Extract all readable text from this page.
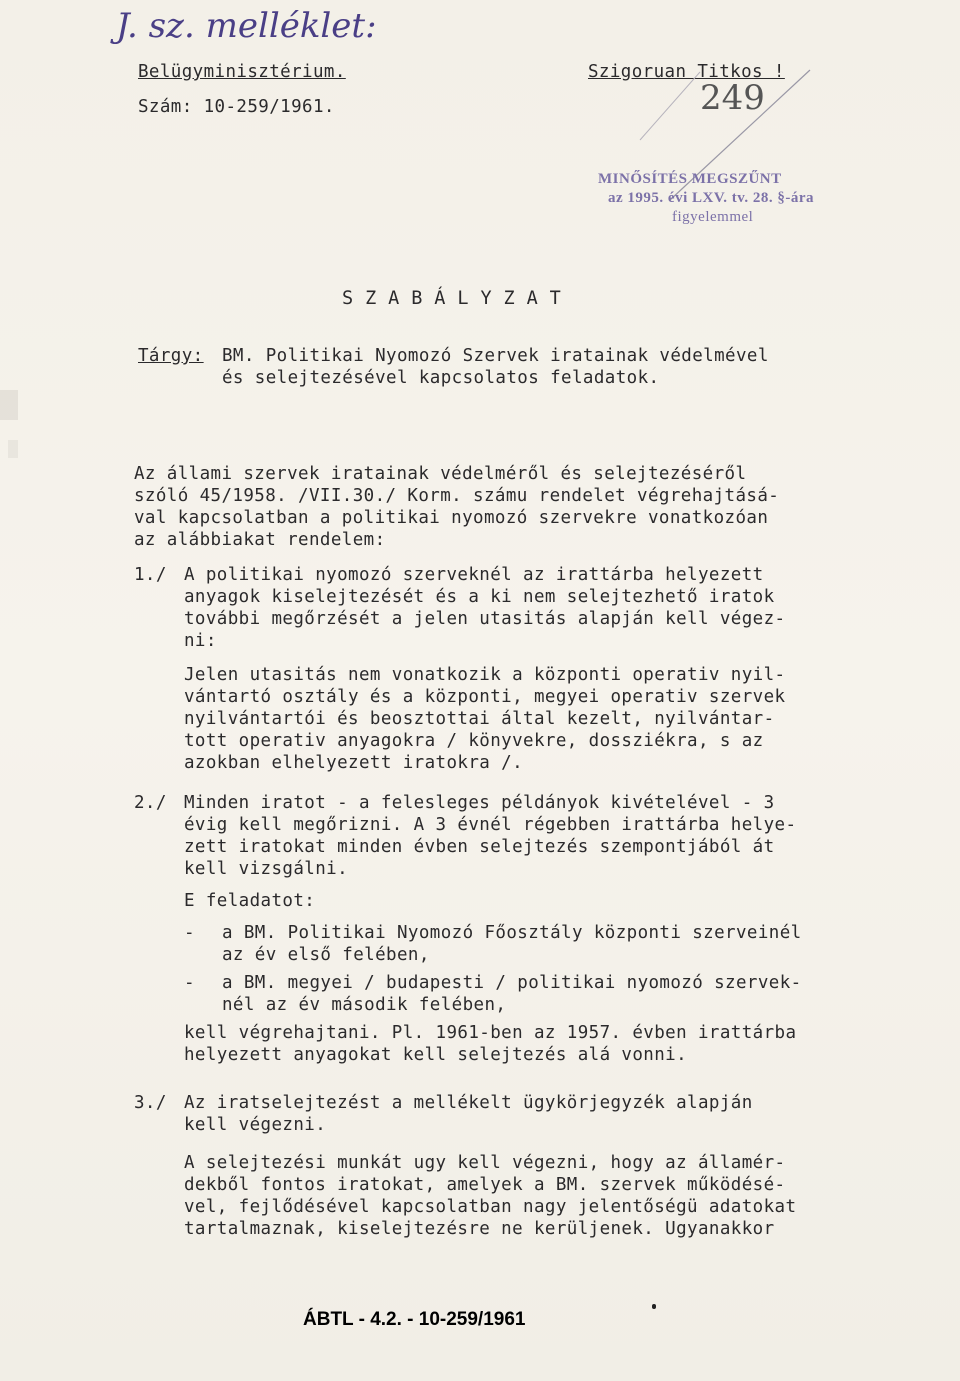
J. sz. melléklet:
Belügyminisztérium.
Szám: 10-259/1961.
Szigoruan Titkos !
249
MINŐSÍTÉS MEGSZŰNT
az 1995. évi LXV. tv. 28. §-ára
figyelemmel
S Z A B Á L Y Z A T
Tárgy: BM. Politikai Nyomozó Szervek iratainak védelmével
és selejtezésével kapcsolatos feladatok.
Az állami szervek iratainak védelméről és selejtezéséről
szóló 45/1958. /VII.30./ Korm. számu rendelet végrehajtásá-
val kapcsolatban a politikai nyomozó szervekre vonatkozóan
az alábbiakat rendelem:
1./ A politikai nyomozó szerveknél az irattárba helyezett
anyagok kiselejtezését és a ki nem selejtezhető iratok
további megőrzését a jelen utasitás alapján kell végez-
ni:
Jelen utasitás nem vonatkozik a központi operativ nyil-
vántartó osztály és a központi, megyei operativ szervek
nyilvántartói és beosztottai által kezelt, nyilvántar-
tott operativ anyagokra / könyvekre, dossziékra, s az
azokban elhelyezett iratokra /.
2./ Minden iratot - a felesleges példányok kivételével - 3
évig kell megőrizni. A 3 évnél régebben irattárba helye-
zett iratokat minden évben selejtezés szempontjából át
kell vizsgálni.
E feladatot:
- a BM. Politikai Nyomozó Főosztály központi szerveinél
az év első felében,
- a BM. megyei / budapesti / politikai nyomozó szervek-
nél az év második felében,
kell végrehajtani. Pl. 1961-ben az 1957. évben irattárba
helyezett anyagokat kell selejtezés alá vonni.
3./ Az iratselejtezést a mellékelt ügykörjegyzék alapján
kell végezni.
A selejtezési munkát ugy kell végezni, hogy az államér-
dekből fontos iratokat, amelyek a BM. szervek működésé-
vel, fejlődésével kapcsolatban nagy jelentőségü adatokat
tartalmaznak, kiselejtezésre ne kerüljenek. Ugyanakkor
ÁBTL - 4.2. - 10-259/1961
